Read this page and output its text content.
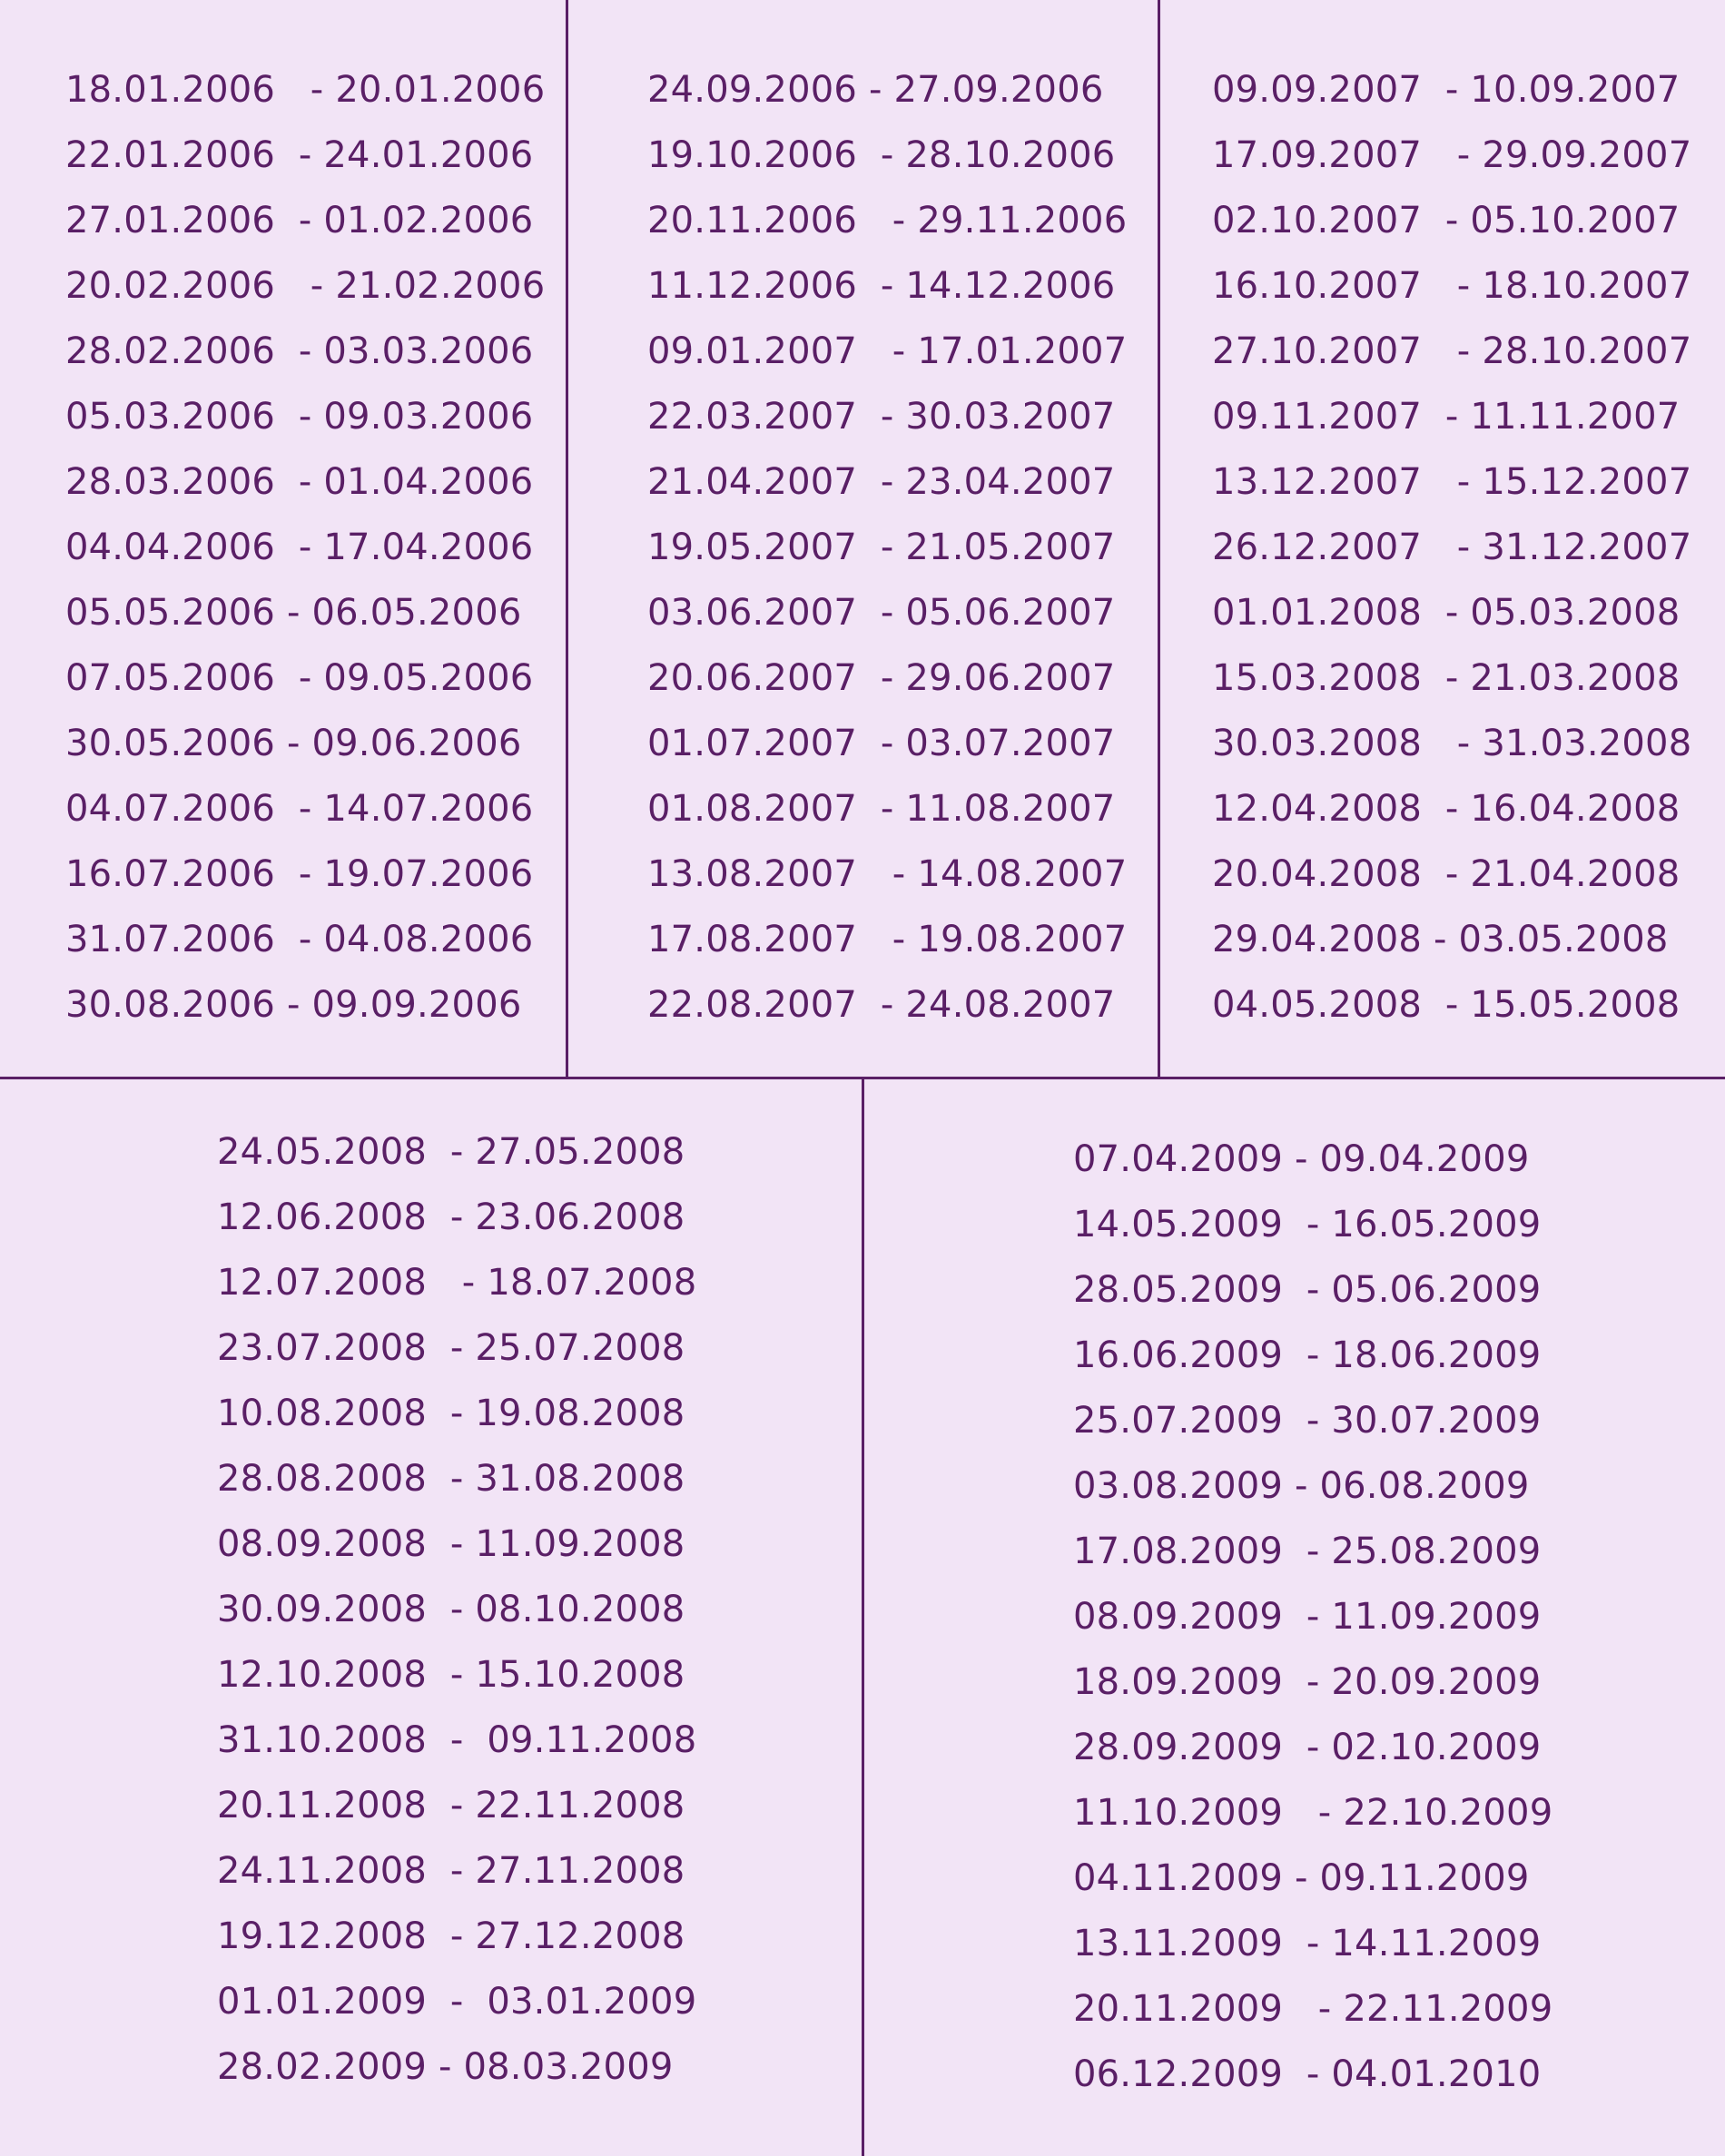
18.01.2006   - 20.01.2006
22.01.2006  - 24.01.2006
27.01.2006  - 01.02.2006
20.02.2006   - 21.02.2006
28.02.2006  - 03.03.2006
05.03.2006  - 09.03.2006
28.03.2006  - 01.04.2006
04.04.2006  - 17.04.2006
05.05.2006 - 06.05.2006
07.05.2006  - 09.05.2006
30.05.2006 - 09.06.2006
04.07.2006  - 14.07.2006
16.07.2006  - 19.07.2006
31.07.2006  - 04.08.2006
30.08.2006 - 09.09.2006
24.09.2006 - 27.09.2006
19.10.2006  - 28.10.2006
20.11.2006   - 29.11.2006
11.12.2006  - 14.12.2006
09.01.2007   - 17.01.2007
22.03.2007  - 30.03.2007
21.04.2007  - 23.04.2007
19.05.2007  - 21.05.2007
03.06.2007  - 05.06.2007
20.06.2007  - 29.06.2007
01.07.2007  - 03.07.2007
01.08.2007  - 11.08.2007
13.08.2007   - 14.08.2007
17.08.2007   - 19.08.2007
22.08.2007  - 24.08.2007
09.09.2007  - 10.09.2007
17.09.2007   - 29.09.2007
02.10.2007  - 05.10.2007
16.10.2007   - 18.10.2007
27.10.2007   - 28.10.2007
09.11.2007  - 11.11.2007
13.12.2007   - 15.12.2007
26.12.2007   - 31.12.2007
01.01.2008  - 05.03.2008
15.03.2008  - 21.03.2008
30.03.2008   - 31.03.2008
12.04.2008  - 16.04.2008
20.04.2008  - 21.04.2008
29.04.2008 - 03.05.2008
04.05.2008  - 15.05.2008
24.05.2008  - 27.05.2008
12.06.2008  - 23.06.2008
12.07.2008   - 18.07.2008
23.07.2008  - 25.07.2008
10.08.2008  - 19.08.2008
28.08.2008  - 31.08.2008
08.09.2008  - 11.09.2008
30.09.2008  - 08.10.2008
12.10.2008  - 15.10.2008
31.10.2008  -  09.11.2008
20.11.2008  - 22.11.2008
24.11.2008  - 27.11.2008
19.12.2008  - 27.12.2008
01.01.2009  -  03.01.2009
28.02.2009 - 08.03.2009
07.04.2009 - 09.04.2009
14.05.2009  - 16.05.2009
28.05.2009  - 05.06.2009
16.06.2009  - 18.06.2009
25.07.2009  - 30.07.2009
03.08.2009 - 06.08.2009
17.08.2009  - 25.08.2009
08.09.2009  - 11.09.2009
18.09.2009  - 20.09.2009
28.09.2009  - 02.10.2009
11.10.2009   - 22.10.2009
04.11.2009 - 09.11.2009
13.11.2009  - 14.11.2009
20.11.2009   - 22.11.2009
06.12.2009  - 04.01.2010
